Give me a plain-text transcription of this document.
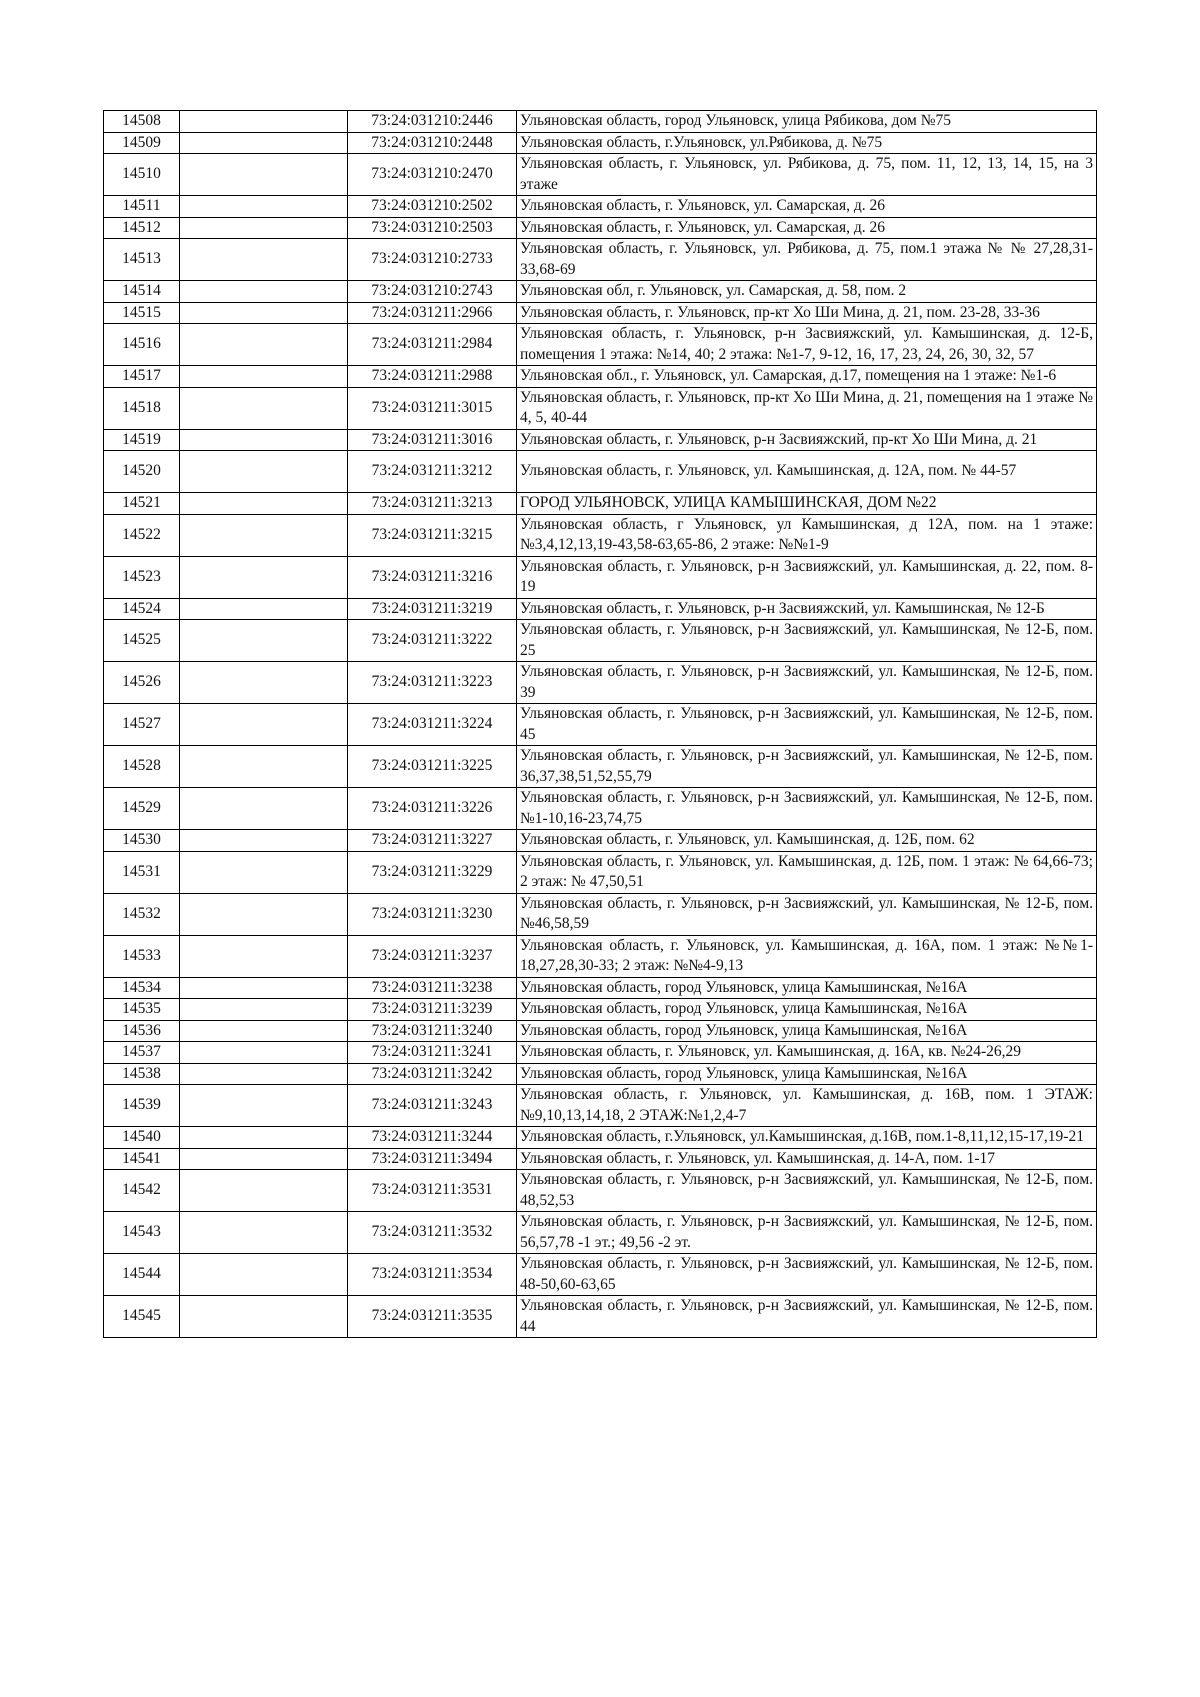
14508		73:24:031210:2446	Ульяновская область, город Ульяновск, улица Рябикова, дом №75
14509		73:24:031210:2448	Ульяновская область, г.Ульяновск, ул.Рябикова, д. №75
14510		73:24:031210:2470	Ульяновская область, г. Ульяновск, ул. Рябикова, д. 75, пом. 11, 12, 13, 14, 15, на 3 этаже
14511		73:24:031210:2502	Ульяновская область, г. Ульяновск, ул. Самарская, д. 26
14512		73:24:031210:2503	Ульяновская область, г. Ульяновск, ул. Самарская, д. 26
14513		73:24:031210:2733	Ульяновская область, г. Ульяновск, ул. Рябикова, д. 75, пом.1 этажа № № 27,28,31-33,68-69
14514		73:24:031210:2743	Ульяновская обл, г. Ульяновск, ул. Самарская, д. 58, пом. 2
14515		73:24:031211:2966	Ульяновская область, г. Ульяновск, пр-кт Хо Ши Мина, д. 21, пом. 23-28, 33-36
14516		73:24:031211:2984	Ульяновская область, г. Ульяновск, р-н Засвияжский, ул. Камышинская, д. 12-Б, помещения 1 этажа: №14, 40; 2 этажа: №1-7, 9-12, 16, 17, 23, 24, 26, 30, 32, 57
14517		73:24:031211:2988	Ульяновская обл., г. Ульяновск, ул. Самарская, д.17, помещения на 1 этаже: №1-6
14518		73:24:031211:3015	Ульяновская область, г. Ульяновск, пр-кт Хо Ши Мина, д. 21, помещения на 1 этаже № 4, 5, 40-44
14519		73:24:031211:3016	Ульяновская область, г. Ульяновск, р-н Засвияжский, пр-кт Хо Ши Мина, д. 21
14520		73:24:031211:3212	Ульяновская область, г. Ульяновск, ул. Камышинская, д. 12А, пом. № 44-57
14521		73:24:031211:3213	ГОРОД УЛЬЯНОВСК, УЛИЦА КАМЫШИНСКАЯ, ДОМ №22
14522		73:24:031211:3215	Ульяновская область, г Ульяновск, ул Камышинская, д 12А, пом. на 1 этаже: №3,4,12,13,19-43,58-63,65-86, 2 этаже: №№1-9
14523		73:24:031211:3216	Ульяновская область, г. Ульяновск, р-н Засвияжский, ул. Камышинская, д. 22, пом. 8-19
14524		73:24:031211:3219	Ульяновская область, г. Ульяновск, р-н Засвияжский, ул. Камышинская, № 12-Б
14525		73:24:031211:3222	Ульяновская область, г. Ульяновск, р-н Засвияжский, ул. Камышинская, № 12-Б, пом. 25
14526		73:24:031211:3223	Ульяновская область, г. Ульяновск, р-н Засвияжский, ул. Камышинская, № 12-Б, пом. 39
14527		73:24:031211:3224	Ульяновская область, г. Ульяновск, р-н Засвияжский, ул. Камышинская, № 12-Б, пом. 45
14528		73:24:031211:3225	Ульяновская область, г. Ульяновск, р-н Засвияжский, ул. Камышинская, № 12-Б, пом. 36,37,38,51,52,55,79
14529		73:24:031211:3226	Ульяновская область, г. Ульяновск, р-н Засвияжский, ул. Камышинская, № 12-Б, пом. №1-10,16-23,74,75
14530		73:24:031211:3227	Ульяновская область, г. Ульяновск, ул. Камышинская, д. 12Б, пом. 62
14531		73:24:031211:3229	Ульяновская область, г. Ульяновск, ул. Камышинская, д. 12Б, пом. 1 этаж: № 64,66-73; 2 этаж: № 47,50,51
14532		73:24:031211:3230	Ульяновская область, г. Ульяновск, р-н Засвияжский, ул. Камышинская, № 12-Б, пом. №46,58,59
14533		73:24:031211:3237	Ульяновская область, г. Ульяновск, ул. Камышинская, д. 16А, пом. 1 этаж: №№1-18,27,28,30-33; 2 этаж: №№4-9,13
14534		73:24:031211:3238	Ульяновская область, город Ульяновск, улица Камышинская, №16А
14535		73:24:031211:3239	Ульяновская область, город Ульяновск, улица Камышинская, №16А
14536		73:24:031211:3240	Ульяновская область, город Ульяновск, улица Камышинская, №16А
14537		73:24:031211:3241	Ульяновская область, г. Ульяновск, ул. Камышинская, д. 16А, кв. №24-26,29
14538		73:24:031211:3242	Ульяновская область, город Ульяновск, улица Камышинская, №16А
14539		73:24:031211:3243	Ульяновская область, г. Ульяновск, ул. Камышинская, д. 16В, пом. 1 ЭТАЖ:№9,10,13,14,18, 2 ЭТАЖ:№1,2,4-7
14540		73:24:031211:3244	Ульяновская область, г.Ульяновск, ул.Камышинская, д.16В, пом.1-8,11,12,15-17,19-21
14541		73:24:031211:3494	Ульяновская область, г. Ульяновск, ул. Камышинская, д. 14-А, пом. 1-17
14542		73:24:031211:3531	Ульяновская область, г. Ульяновск, р-н Засвияжский, ул. Камышинская, № 12-Б, пом. 48,52,53
14543		73:24:031211:3532	Ульяновская область, г. Ульяновск, р-н Засвияжский, ул. Камышинская, № 12-Б, пом. 56,57,78 -1 эт.; 49,56 -2 эт.
14544		73:24:031211:3534	Ульяновская область, г. Ульяновск, р-н Засвияжский, ул. Камышинская, № 12-Б, пом. 48-50,60-63,65
14545		73:24:031211:3535	Ульяновская область, г. Ульяновск, р-н Засвияжский, ул. Камышинская, № 12-Б, пом. 44
